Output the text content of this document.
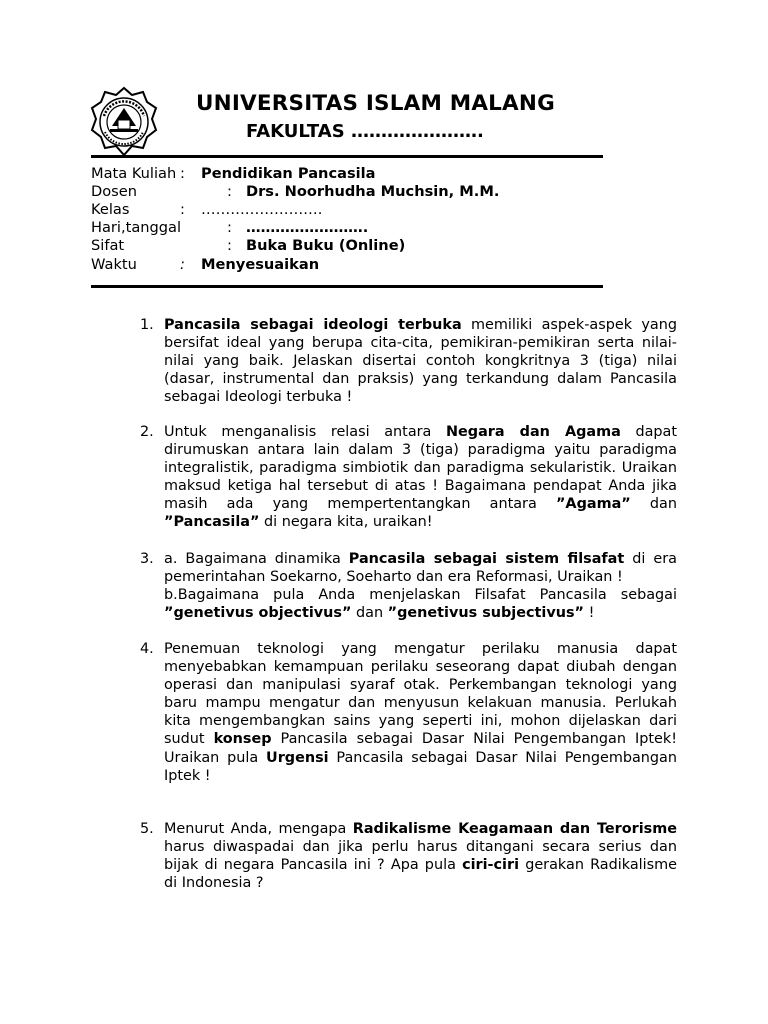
UNIVERSITAS ISLAM MALANG
FAKULTAS ………………….
Mata Kuliah : Pendidikan Pancasila
Dosen	: Drs. Noorhudha Muchsin, M.M.
Kelas	: …………………….
Hari,tanggal	: …………………….
Sifat	: Buka Buku (Online)
Waktu	: Menyesuaikan
1. Pancasila sebagai ideologi terbuka memiliki aspek-aspek yang bersifat ideal yang berupa cita-cita, pemikiran-pemikiran serta nilai-nilai yang baik. Jelaskan disertai contoh kongkritnya 3 (tiga) nilai (dasar, instrumental dan praksis) yang terkandung dalam Pancasila sebagai Ideologi terbuka !

2. Untuk menganalisis relasi antara Negara dan Agama dapat dirumuskan antara lain dalam 3 (tiga) paradigma yaitu paradigma integralistik, paradigma simbiotik dan paradigma sekularistik. Uraikan maksud ketiga hal tersebut di atas ! Bagaimana pendapat Anda jika masih ada yang mempertentangkan antara ”Agama” dan ”Pancasila” di negara kita, uraikan!

3. a. Bagaimana dinamika Pancasila sebagai sistem filsafat di era pemerintahan Soekarno, Soeharto dan era Reformasi, Uraikan !

b.Bagaimana pula Anda menjelaskan Filsafat Pancasila sebagai ”genetivus objectivus” dan ”genetivus subjectivus” !

4. Penemuan teknologi yang mengatur perilaku manusia dapat menyebabkan kemampuan perilaku seseorang dapat diubah dengan operasi dan manipulasi syaraf otak. Perkembangan teknologi yang baru mampu mengatur dan menyusun kelakuan manusia. Perlukah kita mengembangkan sains yang seperti ini, mohon dijelaskan dari sudut konsep Pancasila sebagai Dasar Nilai Pengembangan Iptek! Uraikan pula Urgensi Pancasila sebagai Dasar Nilai Pengembangan Iptek !

5. Menurut Anda, mengapa Radikalisme Keagamaan dan Terorisme harus diwaspadai dan jika perlu harus ditangani secara serius dan bijak di negara Pancasila ini ? Apa pula ciri-ciri gerakan Radikalisme di Indonesia ?
